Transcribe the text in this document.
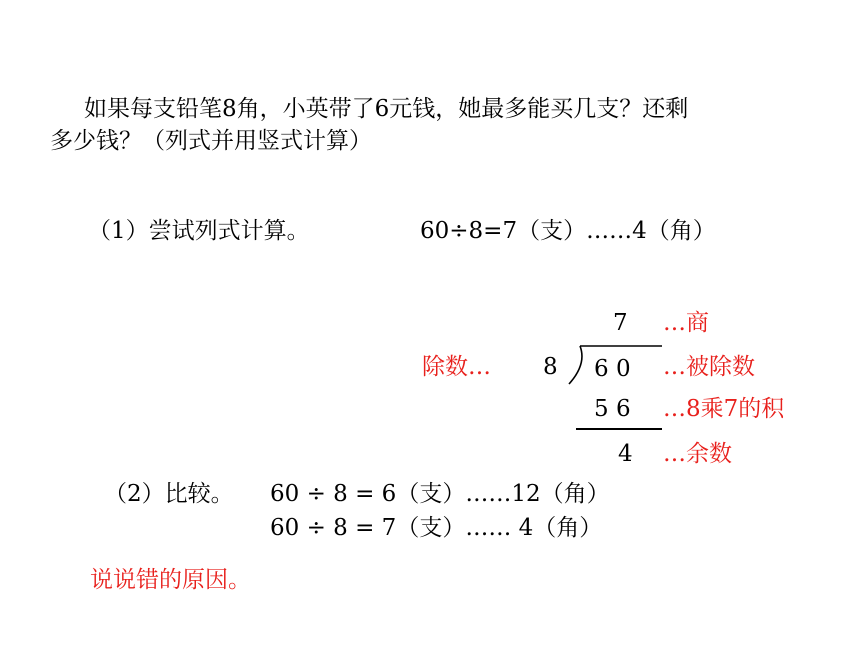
如果每支铅笔8角，小英带了6元钱，她最多能买几支？还剩
多少钱？（列式并用竖式计算）
（1）尝试列式计算。	60÷8=7（支）……4（角）
7 …商
除数… 8 6 0 …被除数
5 6 …8乘7的积
4 …余数
（2）比较。 60 ÷ 8 = 6（支）……12（角）
60 ÷ 8 = 7（支）…… 4（角）
说说错的原因。
